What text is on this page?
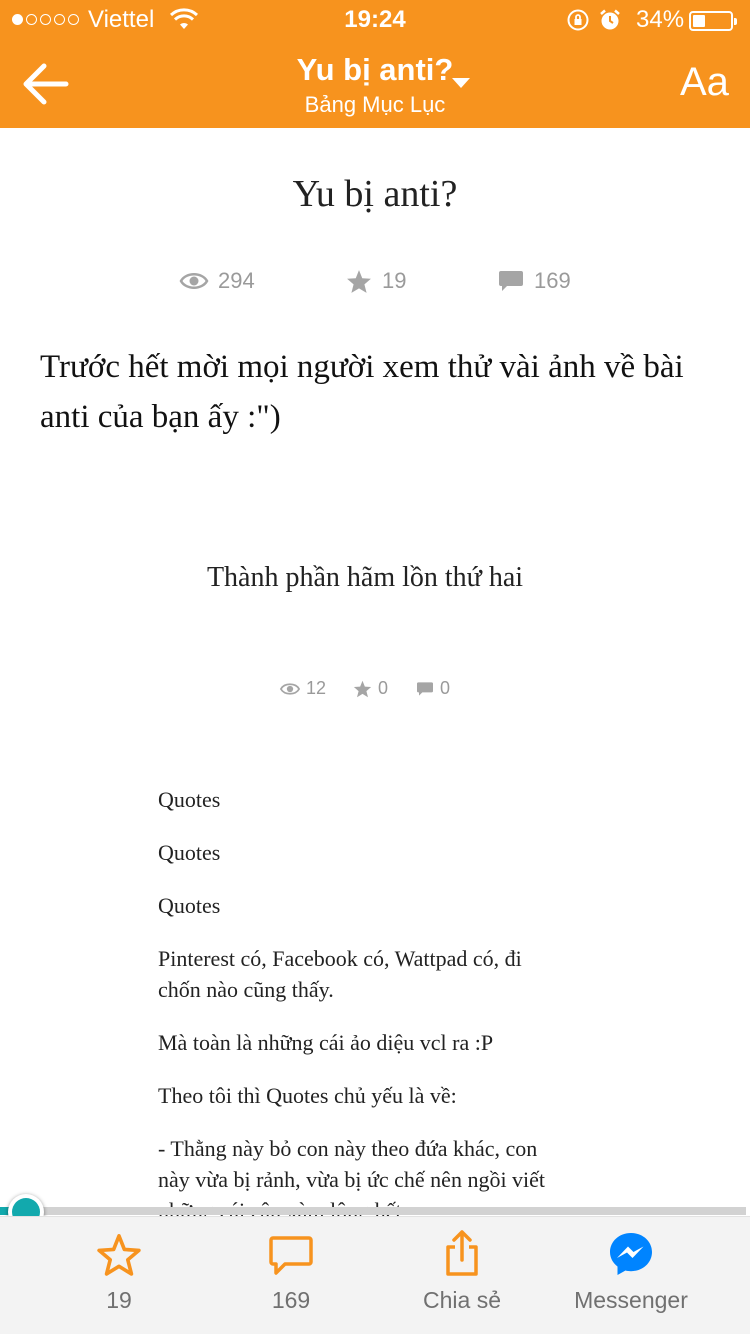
Viettel	19:24	34%
Yu bị anti?
Bảng Mục Lục
Aa
Yu bị anti?
294	19	169

Trước hết mời mọi người xem thử vài ảnh về bài anti của bạn ấy :")

Thành phần hãm lồn thứ hai
12	0	0

Quotes

Quotes

Quotes

Pinterest có, Facebook có, Wattpad có, đi chốn nào cũng thấy.

Mà toàn là những cái ảo diệu vcl ra :P

Theo tôi thì Quotes chủ yếu là về:

- Thằng này bỏ con này theo đứa khác, con này vừa bị rảnh, vừa bị ức chế nên ngồi viết

19	169	Chia sẻ	Messenger
